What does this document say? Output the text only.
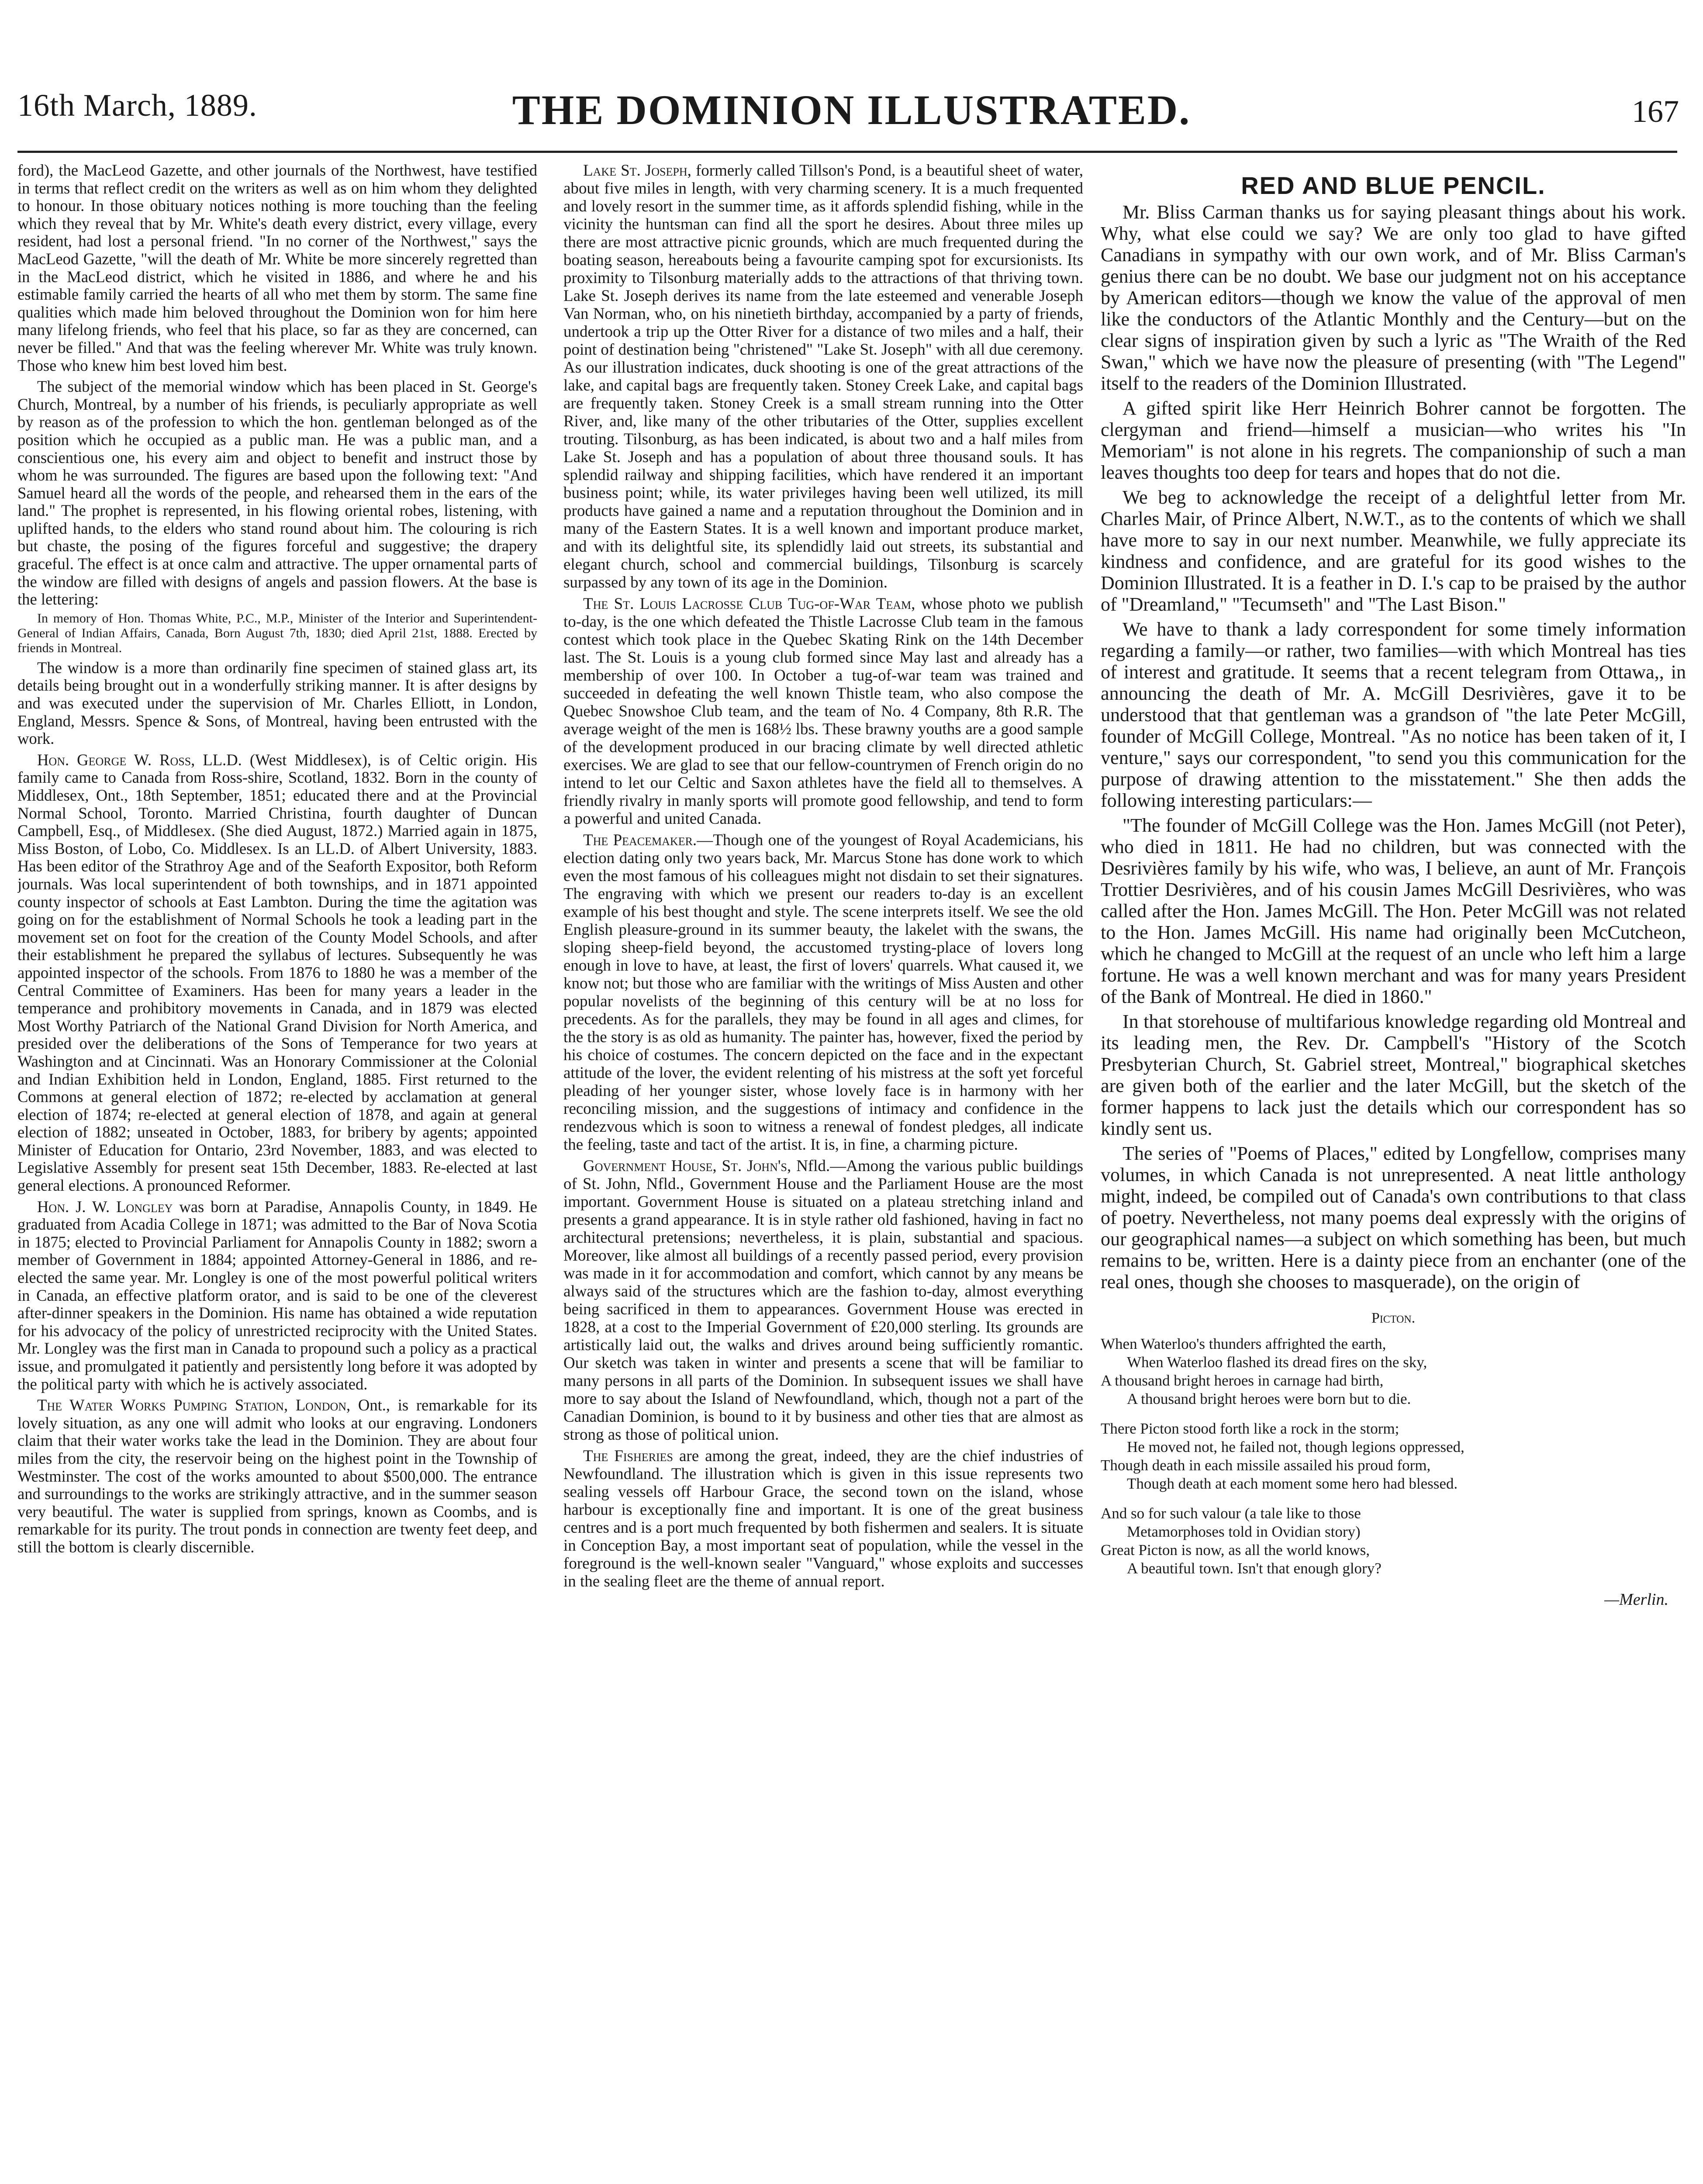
16th March, 1889.	THE DOMINION ILLUSTRATED.	167

ford), the MacLeod Gazette, and other journals of the Northwest, have testified in terms that reflect credit on the writers as well as on him whom they delighted to honour. In those obituary notices nothing is more touching than the feeling which they reveal that by Mr. White's death every district, every village, every resident, had lost a personal friend. "In no corner of the Northwest," says the MacLeod Gazette, "will the death of Mr. White be more sincerely regretted than in the MacLeod district, which he visited in 1886, and where he and his estimable family carried the hearts of all who met them by storm. The same fine qualities which made him beloved throughout the Dominion won for him here many lifelong friends, who feel that his place, so far as they are concerned, can never be filled." And that was the feeling wherever Mr. White was truly known. Those who knew him best loved him best.

The subject of the memorial window which has been placed in St. George's Church, Montreal, by a number of his friends, is peculiarly appropriate as well by reason as of the profession to which the hon. gentleman belonged as of the position which he occupied as a public man. He was a public man, and a conscientious one, his every aim and object to benefit and instruct those by whom he was surrounded. The figures are based upon the following text: "And Samuel heard all the words of the people, and rehearsed them in the ears of the land." The prophet is represented, in his flowing oriental robes, listening, with uplifted hands, to the elders who stand round about him. The colouring is rich but chaste, the posing of the figures forceful and suggestive; the drapery graceful. The effect is at once calm and attractive. The upper ornamental parts of the window are filled with designs of angels and passion flowers. At the base is the lettering:

In memory of Hon. Thomas White, P.C., M.P., Minister of the Interior and Superintendent-General of Indian Affairs, Canada, Born August 7th, 1830; died April 21st, 1888. Erected by friends in Montreal.

The window is a more than ordinarily fine specimen of stained glass art, its details being brought out in a wonderfully striking manner. It is after designs by and was executed under the supervision of Mr. Charles Elliott, in London, England, Messrs. Spence & Sons, of Montreal, having been entrusted with the work.

Hon. George W. Ross, LL.D. (West Middlesex), is of Celtic origin. His family came to Canada from Ross-shire, Scotland, 1832. Born in the county of Middlesex, Ont., 18th September, 1851; educated there and at the Provincial Normal School, Toronto. Married Christina, fourth daughter of Duncan Campbell, Esq., of Middlesex. (She died August, 1872.) Married again in 1875, Miss Boston, of Lobo, Co. Middlesex. Is an LL.D. of Albert University, 1883. Has been editor of the Strathroy Age and of the Seaforth Expositor, both Reform journals. Was local superintendent of both townships, and in 1871 appointed county inspector of schools at East Lambton. During the time the agitation was going on for the establishment of Normal Schools he took a leading part in the movement set on foot for the creation of the County Model Schools, and after their establishment he prepared the syllabus of lectures. Subsequently he was appointed inspector of the schools. From 1876 to 1880 he was a member of the Central Committee of Examiners. Has been for many years a leader in the temperance and prohibitory movements in Canada, and in 1879 was elected Most Worthy Patriarch of the National Grand Division for North America, and presided over the deliberations of the Sons of Temperance for two years at Washington and at Cincinnati. Was an Honorary Commissioner at the Colonial and Indian Exhibition held in London, England, 1885. First returned to the Commons at general election of 1872; re-elected by acclamation at general election of 1874; re-elected at general election of 1878, and again at general election of 1882; unseated in October, 1883, for bribery by agents; appointed Minister of Education for Ontario, 23rd November, 1883, and was elected to Legislative Assembly for present seat 15th December, 1883. Re-elected at last general elections. A pronounced Reformer.

Hon. J. W. Longley was born at Paradise, Annapolis County, in 1849. He graduated from Acadia College in 1871; was admitted to the Bar of Nova Scotia in 1875; elected to Provincial Parliament for Annapolis County in 1882; sworn a member of Government in 1884; appointed Attorney-General in 1886, and re-elected the same year. Mr. Longley is one of the most powerful political writers in Canada, an effective platform orator, and is said to be one of the cleverest after-dinner speakers in the Dominion. His name has obtained a wide reputation for his advocacy of the policy of unrestricted reciprocity with the United States. Mr. Longley was the first man in Canada to propound such a policy as a practical issue, and promulgated it patiently and persistently long before it was adopted by the political party with which he is actively associated.

The Water Works Pumping Station, London, Ont., is remarkable for its lovely situation, as any one will admit who looks at our engraving. Londoners claim that their water works take the lead in the Dominion. They are about four miles from the city, the reservoir being on the highest point in the Township of Westminster. The cost of the works amounted to about $500,000. The entrance and surroundings to the works are strikingly attractive, and in the summer season very beautiful. The water is supplied from springs, known as Coombs, and is remarkable for its purity. The trout ponds in connection are twenty feet deep, and still the bottom is clearly discernible.

Lake St. Joseph, formerly called Tillson's Pond, is a beautiful sheet of water, about five miles in length, with very charming scenery. It is a much frequented and lovely resort in the summer time, as it affords splendid fishing, while in the vicinity the huntsman can find all the sport he desires. About three miles up there are most attractive picnic grounds, which are much frequented during the boating season, hereabouts being a favourite camping spot for excursionists. Its proximity to Tilsonburg materially adds to the attractions of that thriving town. Lake St. Joseph derives its name from the late esteemed and venerable Joseph Van Norman, who, on his ninetieth birthday, accompanied by a party of friends, undertook a trip up the Otter River for a distance of two miles and a half, their point of destination being "christened" "Lake St. Joseph" with all due ceremony. As our illustration indicates, duck shooting is one of the great attractions of the lake, and capital bags are frequently taken. Stoney Creek Lake, and capital bags are frequently taken. Stoney Creek is a small stream running into the Otter River, and, like many of the other tributaries of the Otter, supplies excellent trouting. Tilsonburg, as has been indicated, is about two and a half miles from Lake St. Joseph and has a population of about three thousand souls. It has splendid railway and shipping facilities, which have rendered it an important business point; while, its water privileges having been well utilized, its mill products have gained a name and a reputation throughout the Dominion and in many of the Eastern States. It is a well known and important produce market, and with its delightful site, its splendidly laid out streets, its substantial and elegant church, school and commercial buildings, Tilsonburg is scarcely surpassed by any town of its age in the Dominion.

The St. Louis Lacrosse Club Tug-of-War Team, whose photo we publish to-day, is the one which defeated the Thistle Lacrosse Club team in the famous contest which took place in the Quebec Skating Rink on the 14th December last. The St. Louis is a young club formed since May last and already has a membership of over 100. In October a tug-of-war team was trained and succeeded in defeating the well known Thistle team, who also compose the Quebec Snowshoe Club team, and the team of No. 4 Company, 8th R.R. The average weight of the men is 168½ lbs. These brawny youths are a good sample of the development produced in our bracing climate by well directed athletic exercises. We are glad to see that our fellow-countrymen of French origin do no intend to let our Celtic and Saxon athletes have the field all to themselves. A friendly rivalry in manly sports will promote good fellowship, and tend to form a powerful and united Canada.

The Peacemaker.—Though one of the youngest of Royal Academicians, his election dating only two years back, Mr. Marcus Stone has done work to which even the most famous of his colleagues might not disdain to set their signatures. The engraving with which we present our readers to-day is an excellent example of his best thought and style. The scene interprets itself. We see the old English pleasure-ground in its summer beauty, the lakelet with the swans, the sloping sheep-field beyond, the accustomed trysting-place of lovers long enough in love to have, at least, the first of lovers' quarrels. What caused it, we know not; but those who are familiar with the writings of Miss Austen and other popular novelists of the beginning of this century will be at no loss for precedents. As for the parallels, they may be found in all ages and climes, for the the story is as old as humanity. The painter has, however, fixed the period by his choice of costumes. The concern depicted on the face and in the expectant attitude of the lover, the evident relenting of his mistress at the soft yet forceful pleading of her younger sister, whose lovely face is in harmony with her reconciling mission, and the suggestions of intimacy and confidence in the rendezvous which is soon to witness a renewal of fondest pledges, all indicate the feeling, taste and tact of the artist. It is, in fine, a charming picture.

Government House, St. John's, Nfld.—Among the various public buildings of St. John, Nfld., Government House and the Parliament House are the most important. Government House is situated on a plateau stretching inland and presents a grand appearance. It is in style rather old fashioned, having in fact no architectural pretensions; nevertheless, it is plain, substantial and spacious. Moreover, like almost all buildings of a recently passed period, every provision was made in it for accommodation and comfort, which cannot by any means be always said of the structures which are the fashion to-day, almost everything being sacrificed in them to appearances. Government House was erected in 1828, at a cost to the Imperial Government of £20,000 sterling. Its grounds are artistically laid out, the walks and drives around being sufficiently romantic. Our sketch was taken in winter and presents a scene that will be familiar to many persons in all parts of the Dominion. In subsequent issues we shall have more to say about the Island of Newfoundland, which, though not a part of the Canadian Dominion, is bound to it by business and other ties that are almost as strong as those of political union.

The Fisheries are among the great, indeed, they are the chief industries of Newfoundland. The illustration which is given in this issue represents two sealing vessels off Harbour Grace, the second town on the island, whose harbour is exceptionally fine and important. It is one of the great business centres and is a port much frequented by both fishermen and sealers. It is situate in Conception Bay, a most important seat of population, while the vessel in the foreground is the well-known sealer "Vanguard," whose exploits and successes in the sealing fleet are the theme of annual report.

RED AND BLUE PENCIL.

Mr. Bliss Carman thanks us for saying pleasant things about his work. Why, what else could we say? We are only too glad to have gifted Canadians in sympathy with our own work, and of Mr. Bliss Carman's genius there can be no doubt. We base our judgment not on his acceptance by American editors—though we know the value of the approval of men like the conductors of the Atlantic Monthly and the Century—but on the clear signs of inspiration given by such a lyric as "The Wraith of the Red Swan," which we have now the pleasure of presenting (with "The Legend" itself to the readers of the Dominion Illustrated.

A gifted spirit like Herr Heinrich Bohrer cannot be forgotten. The clergyman and friend—himself a musician—who writes his "In Memoriam" is not alone in his regrets. The companionship of such a man leaves thoughts too deep for tears and hopes that do not die.

We beg to acknowledge the receipt of a delightful letter from Mr. Charles Mair, of Prince Albert, N.W.T., as to the contents of which we shall have more to say in our next number. Meanwhile, we fully appreciate its kindness and confidence, and are grateful for its good wishes to the Dominion Illustrated. It is a feather in D. I.'s cap to be praised by the author of "Dreamland," "Tecumseth" and "The Last Bison."

We have to thank a lady correspondent for some timely information regarding a family—or rather, two families—with which Montreal has ties of interest and gratitude. It seems that a recent telegram from Ottawa,, in announcing the death of Mr. A. McGill Desrivières, gave it to be understood that that gentleman was a grandson of "the late Peter McGill, founder of McGill College, Montreal. "As no notice has been taken of it, I venture," says our correspondent, "to send you this communication for the purpose of drawing attention to the misstatement." She then adds the following interesting particulars:—

"The founder of McGill College was the Hon. James McGill (not Peter), who died in 1811. He had no children, but was connected with the Desrivières family by his wife, who was, I believe, an aunt of Mr. François Trottier Desrivières, and of his cousin James McGill Desrivières, who was called after the Hon. James McGill. The Hon. Peter McGill was not related to the Hon. James McGill. His name had originally been McCutcheon, which he changed to McGill at the request of an uncle who left him a large fortune. He was a well known merchant and was for many years President of the Bank of Montreal. He died in 1860."

In that storehouse of multifarious knowledge regarding old Montreal and its leading men, the Rev. Dr. Campbell's "History of the Scotch Presbyterian Church, St. Gabriel street, Montreal," biographical sketches are given both of the earlier and the later McGill, but the sketch of the former happens to lack just the details which our correspondent has so kindly sent us.

The series of "Poems of Places," edited by Longfellow, comprises many volumes, in which Canada is not unrepresented. A neat little anthology might, indeed, be compiled out of Canada's own contributions to that class of poetry. Nevertheless, not many poems deal expressly with the origins of our geographical names—a subject on which something has been, but much remains to be, written. Here is a dainty piece from an enchanter (one of the real ones, though she chooses to masquerade), on the origin of

Picton.
When Waterloo's thunders affrighted the earth,
When Waterloo flashed its dread fires on the sky,
A thousand bright heroes in carnage had birth,
A thousand bright heroes were born but to die.
There Picton stood forth like a rock in the storm;
He moved not, he failed not, though legions oppressed,
Though death in each missile assailed his proud form,
Though death at each moment some hero had blessed.
And so for such valour (a tale like to those
Metamorphoses told in Ovidian story)
Great Picton is now, as all the world knows,
A beautiful town. Isn't that enough glory?
—Merlin.
